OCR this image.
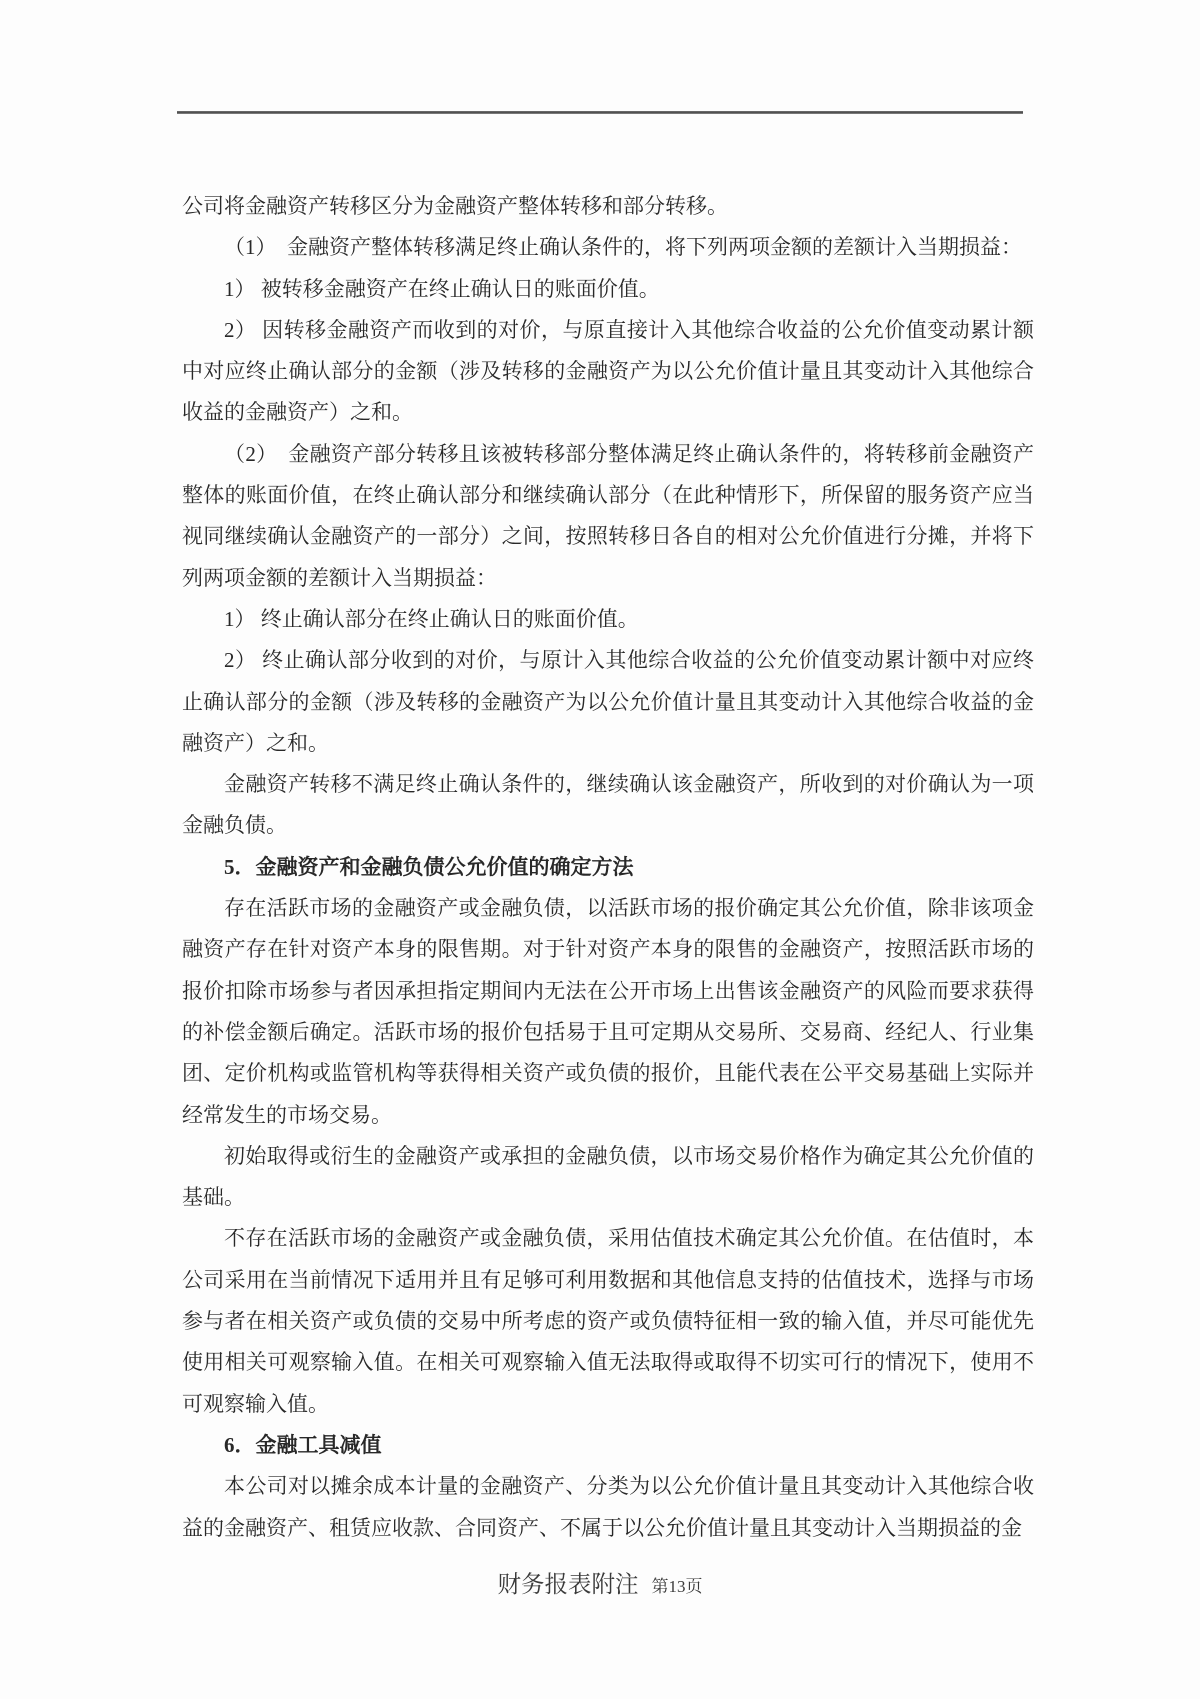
公司将金融资产转移区分为金融资产整体转移和部分转移。

（1）　金融资产整体转移满足终止确认条件的，将下列两项金额的差额计入当期损益：

1） 被转移金融资产在终止确认日的账面价值。

2） 因转移金融资产而收到的对价，与原直接计入其他综合收益的公允价值变动累计额中对应终止确认部分的金额（涉及转移的金融资产为以公允价值计量且其变动计入其他综合收益的金融资产）之和。

（2）　金融资产部分转移且该被转移部分整体满足终止确认条件的，将转移前金融资产整体的账面价值，在终止确认部分和继续确认部分（在此种情形下，所保留的服务资产应当视同继续确认金融资产的一部分）之间，按照转移日各自的相对公允价值进行分摊，并将下列两项金额的差额计入当期损益：

1） 终止确认部分在终止确认日的账面价值。

2） 终止确认部分收到的对价，与原计入其他综合收益的公允价值变动累计额中对应终止确认部分的金额（涉及转移的金融资产为以公允价值计量且其变动计入其他综合收益的金融资产）之和。

金融资产转移不满足终止确认条件的，继续确认该金融资产，所收到的对价确认为一项金融负债。

5．金融资产和金融负债公允价值的确定方法

存在活跃市场的金融资产或金融负债，以活跃市场的报价确定其公允价值，除非该项金融资产存在针对资产本身的限售期。对于针对资产本身的限售的金融资产，按照活跃市场的报价扣除市场参与者因承担指定期间内无法在公开市场上出售该金融资产的风险而要求获得的补偿金额后确定。活跃市场的报价包括易于且可定期从交易所、交易商、经纪人、行业集团、定价机构或监管机构等获得相关资产或负债的报价，且能代表在公平交易基础上实际并经常发生的市场交易。

初始取得或衍生的金融资产或承担的金融负债，以市场交易价格作为确定其公允价值的基础。

不存在活跃市场的金融资产或金融负债，采用估值技术确定其公允价值。在估值时，本公司采用在当前情况下适用并且有足够可利用数据和其他信息支持的估值技术，选择与市场参与者在相关资产或负债的交易中所考虑的资产或负债特征相一致的输入值，并尽可能优先使用相关可观察输入值。在相关可观察输入值无法取得或取得不切实可行的情况下，使用不可观察输入值。

6．金融工具减值

本公司对以摊余成本计量的金融资产、分类为以公允价值计量且其变动计入其他综合收益的金融资产、租赁应收款、合同资产、不属于以公允价值计量且其变动计入当期损益的金

财务报表附注 第13页
